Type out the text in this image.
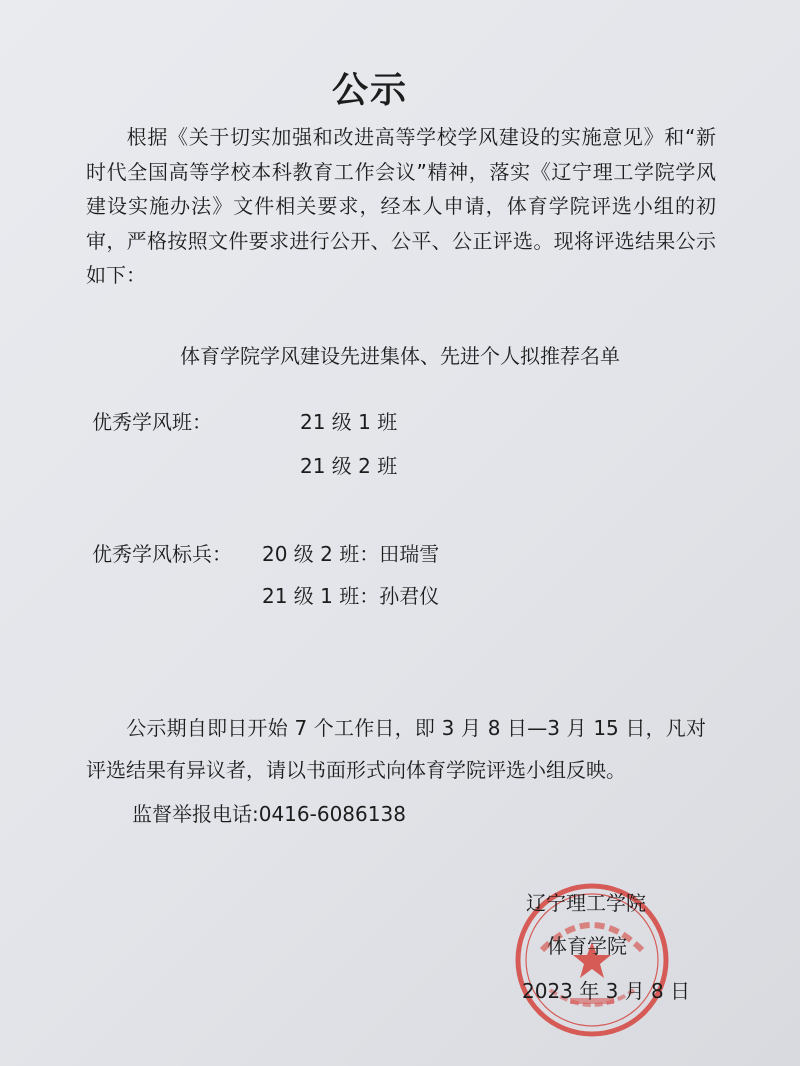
公示
根据《关于切实加强和改进高等学校学风建设的实施意见》和“新时代全国高等学校本科教育工作会议”精神，落实《辽宁理工学院学风建设实施办法》文件相关要求，经本人申请，体育学院评选小组的初审，严格按照文件要求进行公开、公平、公正评选。现将评选结果公示如下：
体育学院学风建设先进集体、先进个人拟推荐名单
优秀学风班：	21 级 1 班
21 级 2 班
优秀学风标兵： 20 级 2 班：田瑞雪
21 级 1 班：孙君仪
公示期自即日开始 7 个工作日，即 3 月 8 日—3 月 15 日，凡对评选结果有异议者，请以书面形式向体育学院评选小组反映。
监督举报电话:0416-6086138
辽宁理工学院
体育学院
2023 年 3 月 8 日
